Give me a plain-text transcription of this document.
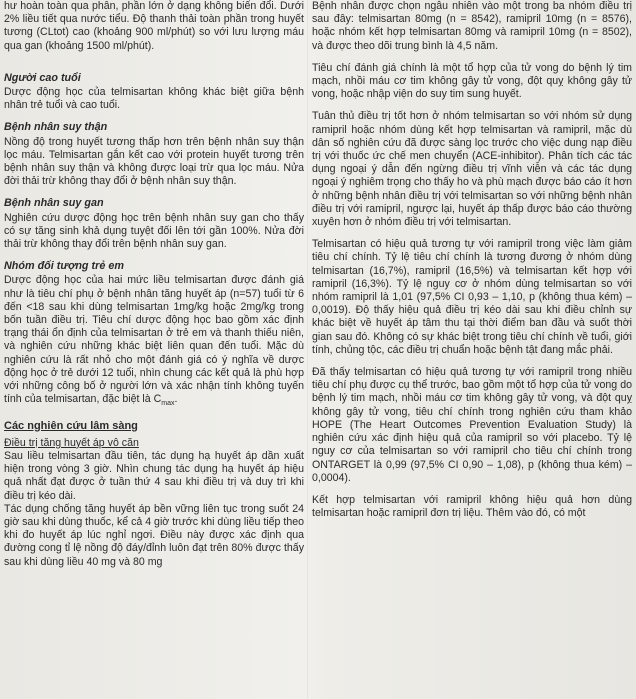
hư hoàn toàn qua phân, phần lớn ở dạng không biến đổi. Dưới 2% liều tiết qua nước tiểu. Độ thanh thải toàn phần trong huyết tương (CLtot) cao (khoảng 900 ml/phút) so với lưu lượng máu qua gan (khoảng 1500 ml/phút).

Người cao tuổi

Dược động học của telmisartan không khác biệt giữa bệnh nhân trẻ tuổi và cao tuổi.

Bệnh nhân suy thận

Nồng độ trong huyết tương thấp hơn trên bệnh nhân suy thận lọc máu. Telmisartan gắn kết cao với protein huyết tương trên bệnh nhân suy thận và không được loại trừ qua lọc máu. Nửa đời thải trừ không thay đổi ở bệnh nhân suy thận.

Bệnh nhân suy gan

Nghiên cứu dược động học trên bệnh nhân suy gan cho thấy có sự tăng sinh khả dụng tuyệt đối lên tới gần 100%. Nửa đời thải trừ không thay đổi trên bệnh nhân suy gan.

Nhóm đối tượng trẻ em

Dược động học của hai mức liều telmisartan được đánh giá như là tiêu chí phụ ở bệnh nhân tăng huyết áp (n=57) tuổi từ 6 đến <18 sau khi dùng telmisartan 1mg/kg hoặc 2mg/kg trong bốn tuần điều trị. Tiêu chí dược động học bao gồm xác định trạng thái ổn định của telmisartan ở trẻ em và thanh thiếu niên, và nghiên cứu những khác biệt liên quan đến tuổi. Mặc dù nghiên cứu là rất nhỏ cho một đánh giá có ý nghĩa về dược động học ở trẻ dưới 12 tuổi, nhìn chung các kết quả là phù hợp với những công bố ở người lớn và xác nhận tính không tuyến tính của telmisartan, đặc biệt là $C_{max}$.

Các nghiên cứu lâm sàng
Điều trị tăng huyết áp vô căn

Sau liều telmisartan đầu tiên, tác dụng hạ huyết áp dần xuất hiện trong vòng 3 giờ. Nhìn chung tác dụng hạ huyết áp hiệu quả nhất đạt được ở tuần thứ 4 sau khi điều trị và duy trì khi điều trị kéo dài.

Tác dụng chống tăng huyết áp bền vững liên tục trong suốt 24 giờ sau khi dùng thuốc, kể cả 4 giờ trước khi dùng liều tiếp theo khi đo huyết áp lúc nghỉ ngơi. Điều này được xác định qua đường cong tỉ lệ nồng độ đáy/đỉnh luôn đạt trên 80% được thấy sau khi dùng liều 40 mg và 80 mg

Bệnh nhân được chọn ngẫu nhiên vào một trong ba nhóm điều trị sau đây: telmisartan 80mg (n = 8542), ramipril 10mg (n = 8576), hoặc nhóm kết hợp telmisartan 80mg và ramipril 10mg (n = 8502), và được theo dõi trung bình là 4,5 năm.

Tiêu chí đánh giá chính là một tổ hợp của tử vong do bệnh lý tim mạch, nhồi máu cơ tim không gây tử vong, đột quỵ không gây tử vong, hoặc nhập viện do suy tim sung huyết.

Tuân thủ điều trị tốt hơn ở nhóm telmisartan so với nhóm sử dụng ramipril hoặc nhóm dùng kết hợp telmisartan và ramipril, mặc dù dân số nghiên cứu đã được sàng lọc trước cho việc dung nạp điều trị với thuốc ức chế men chuyển (ACE-inhibitor). Phân tích các tác dụng ngoại ý dẫn đến ngừng điều trị vĩnh viễn và các tác dụng ngoại ý nghiêm trọng cho thấy ho và phù mạch được báo cáo ít hơn ở những bệnh nhân điều trị với telmisartan so với những bệnh nhân điều trị với ramipril, ngược lại, huyết áp thấp được báo cáo thường xuyên hơn ở nhóm điều trị với telmisartan.

Telmisartan có hiệu quả tương tự với ramipril trong việc làm giảm tiêu chí chính. Tỷ lệ tiêu chí chính là tương đương ở nhóm dùng telmisartan (16,7%), ramipril (16,5%) và telmisartan kết hợp với ramipril (16,3%). Tỷ lệ nguy cơ ở nhóm dùng telmisartan so với nhóm ramipril là 1,01 (97,5% CI 0,93 – 1,10, p (không thua kém) – 0,0019). Độ thấy hiệu quả điều trị kéo dài sau khi điều chỉnh sự khác biệt về huyết áp tâm thu tại thời điểm ban đầu và suốt thời gian sau đó. Không có sự khác biệt trong tiêu chí chính về tuổi, giới tính, chủng tộc, các điều trị chuẩn hoặc bệnh tật đang mắc phải.

Đã thấy telmisartan có hiệu quả tương tự với ramipril trong nhiều tiêu chí phụ được cụ thể trước, bao gồm một tổ hợp của tử vong do bệnh lý tim mạch, nhồi máu cơ tim không gây tử vong, và đột quỵ không gây tử vong, tiêu chí chính trong nghiên cứu tham khảo HOPE (The Heart Outcomes Prevention Evaluation Study) là nghiên cứu xác định hiệu quả của ramipril so với placebo. Tỷ lệ nguy cơ của telmisartan so với ramipril cho tiêu chí chính trong ONTARGET là 0,99 (97,5% CI 0,90 – 1,08), p (không thua kém) – 0,0004).

Kết hợp telmisartan với ramipril không hiệu quả hơn dùng telmisartan hoặc ramipril đơn trị liệu. Thêm vào đó, có một
